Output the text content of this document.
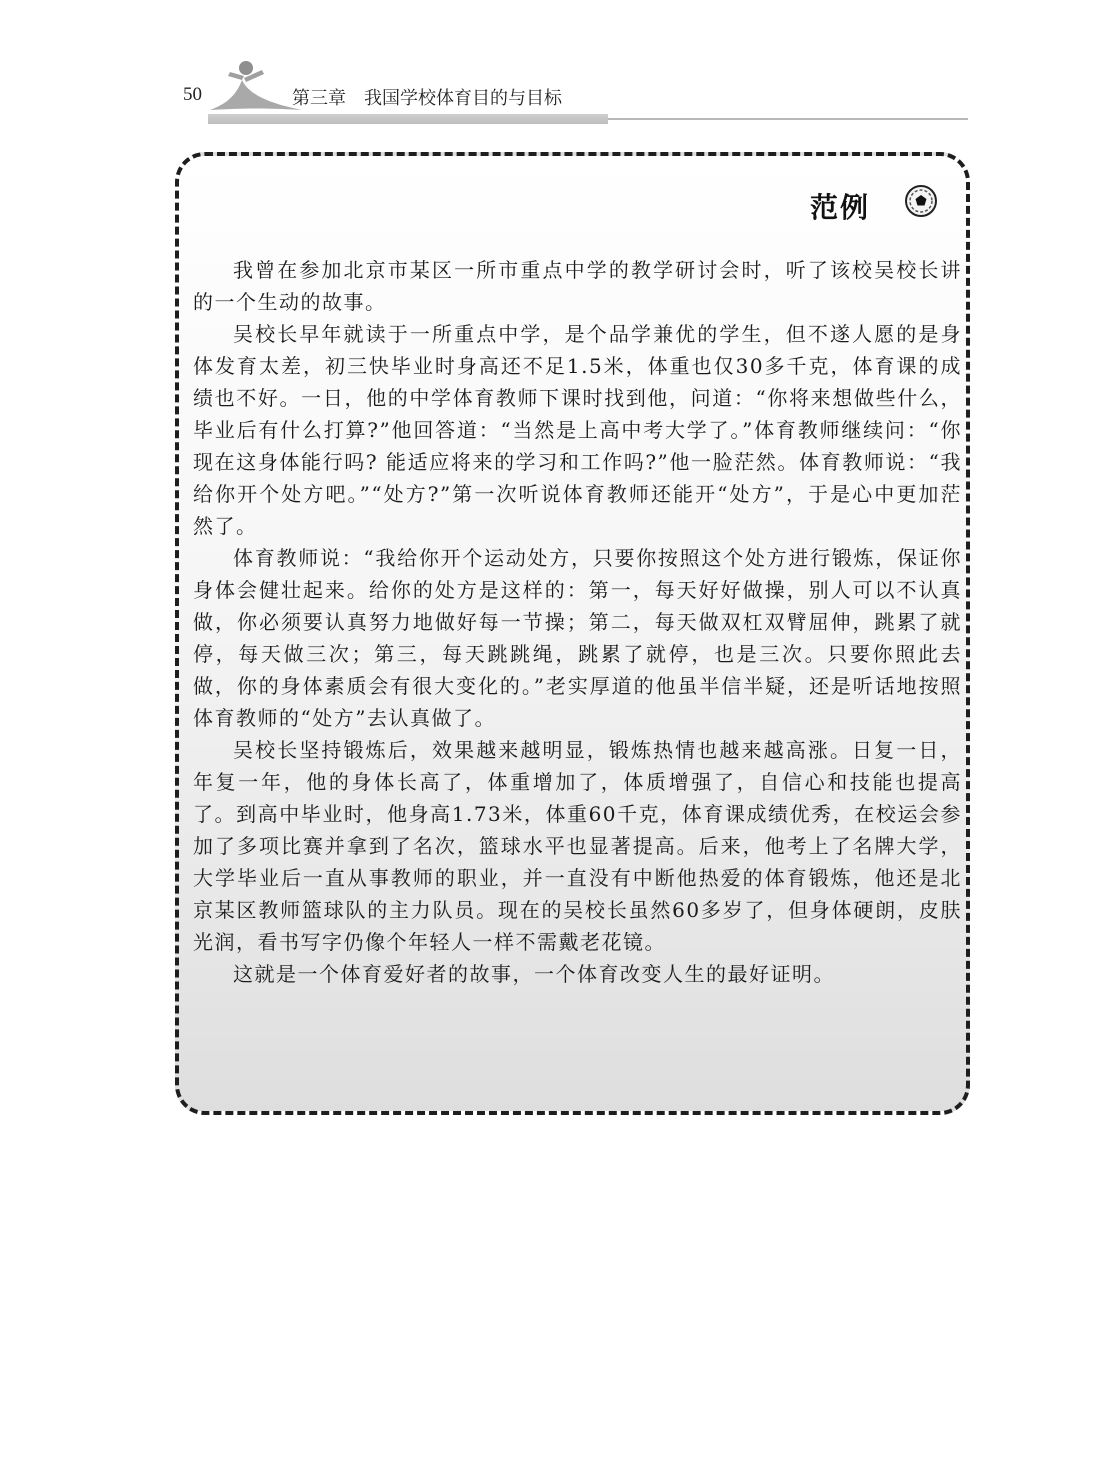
50	第三章　我国学校体育目的与目标
范例

我曾在参加北京市某区一所市重点中学的教学研讨会时，听了该校吴校长讲的一个生动的故事。

吴校长早年就读于一所重点中学，是个品学兼优的学生，但不遂人愿的是身体发育太差，初三快毕业时身高还不足1.5米，体重也仅30多千克，体育课的成绩也不好。一日，他的中学体育教师下课时找到他，问道：“你将来想做些什么，毕业后有什么打算?”他回答道：“当然是上高中考大学了。”体育教师继续问：“你现在这身体能行吗? 能适应将来的学习和工作吗?”他一脸茫然。体育教师说：“我给你开个处方吧。”“处方?”第一次听说体育教师还能开“处方”，于是心中更加茫然了。

体育教师说：“我给你开个运动处方，只要你按照这个处方进行锻炼，保证你身体会健壮起来。给你的处方是这样的：第一，每天好好做操，别人可以不认真做，你必须要认真努力地做好每一节操；第二，每天做双杠双臂屈伸，跳累了就停，每天做三次；第三，每天跳跳绳，跳累了就停，也是三次。只要你照此去做，你的身体素质会有很大变化的。”老实厚道的他虽半信半疑，还是听话地按照体育教师的“处方”去认真做了。

吴校长坚持锻炼后，效果越来越明显，锻炼热情也越来越高涨。日复一日，年复一年，他的身体长高了，体重增加了，体质增强了，自信心和技能也提高了。到高中毕业时，他身高1.73米，体重60千克，体育课成绩优秀，在校运会参加了多项比赛并拿到了名次，篮球水平也显著提高。后来，他考上了名牌大学，大学毕业后一直从事教师的职业，并一直没有中断他热爱的体育锻炼，他还是北京某区教师篮球队的主力队员。现在的吴校长虽然60多岁了，但身体硬朗，皮肤光润，看书写字仍像个年轻人一样不需戴老花镜。

这就是一个体育爱好者的故事，一个体育改变人生的最好证明。
